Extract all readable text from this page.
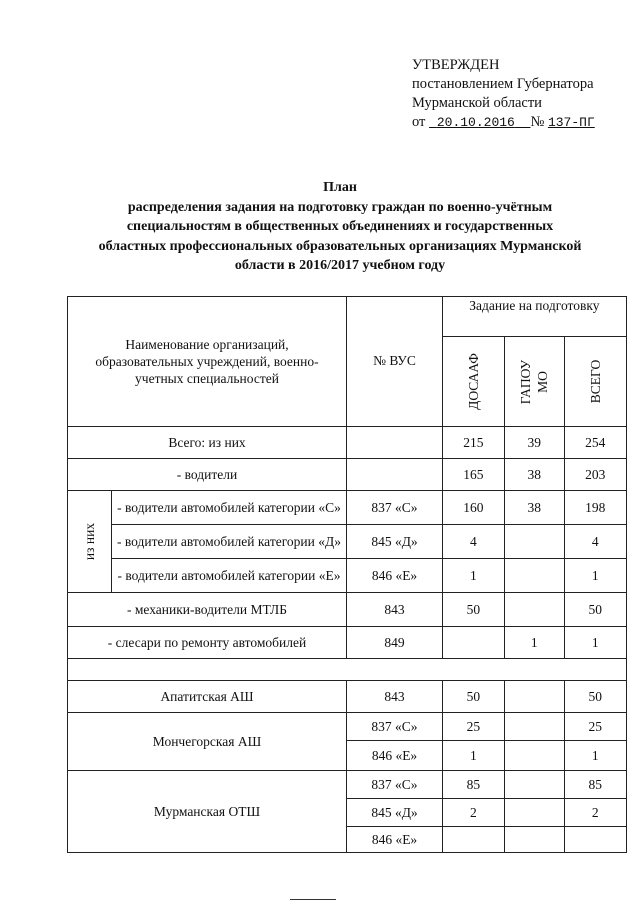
УТВЕРЖДЕН
постановлением Губернатора
Мурманской области
от 20.10.2016 № 137-ПГ
План
распределения задания на подготовку граждан по военно-учётным
специальностям в общественных объединениях и государственных
областных профессиональных образовательных организациях Мурманской
области в 2016/2017 учебном году
Наименование организаций, образовательных учреждений, военно-учетных специальностей		№ ВУС	Задание на подготовку		
			ДОСААФ	ГАПОУ МО	ВСЕГО
Всего: из них			215	39	254
- водители			165	38	203
из них	- водители автомобилей категории «С»	837 «С»	160	38	198
	- водители автомобилей категории «Д»	845 «Д»	4		4
	- водители автомобилей категории «Е»	846 «Е»	1		1
- механики-водители МТЛБ		843	50		50
- слесари по ремонту автомобилей		849		1	1

Апатитская АШ		843	50		50
Мончегорская АШ		837 «С»	25		25
		846 «Е»	1		1
Мурманская ОТШ		837 «С»	85		85
		845 «Д»	2		2
		846 «Е»			
